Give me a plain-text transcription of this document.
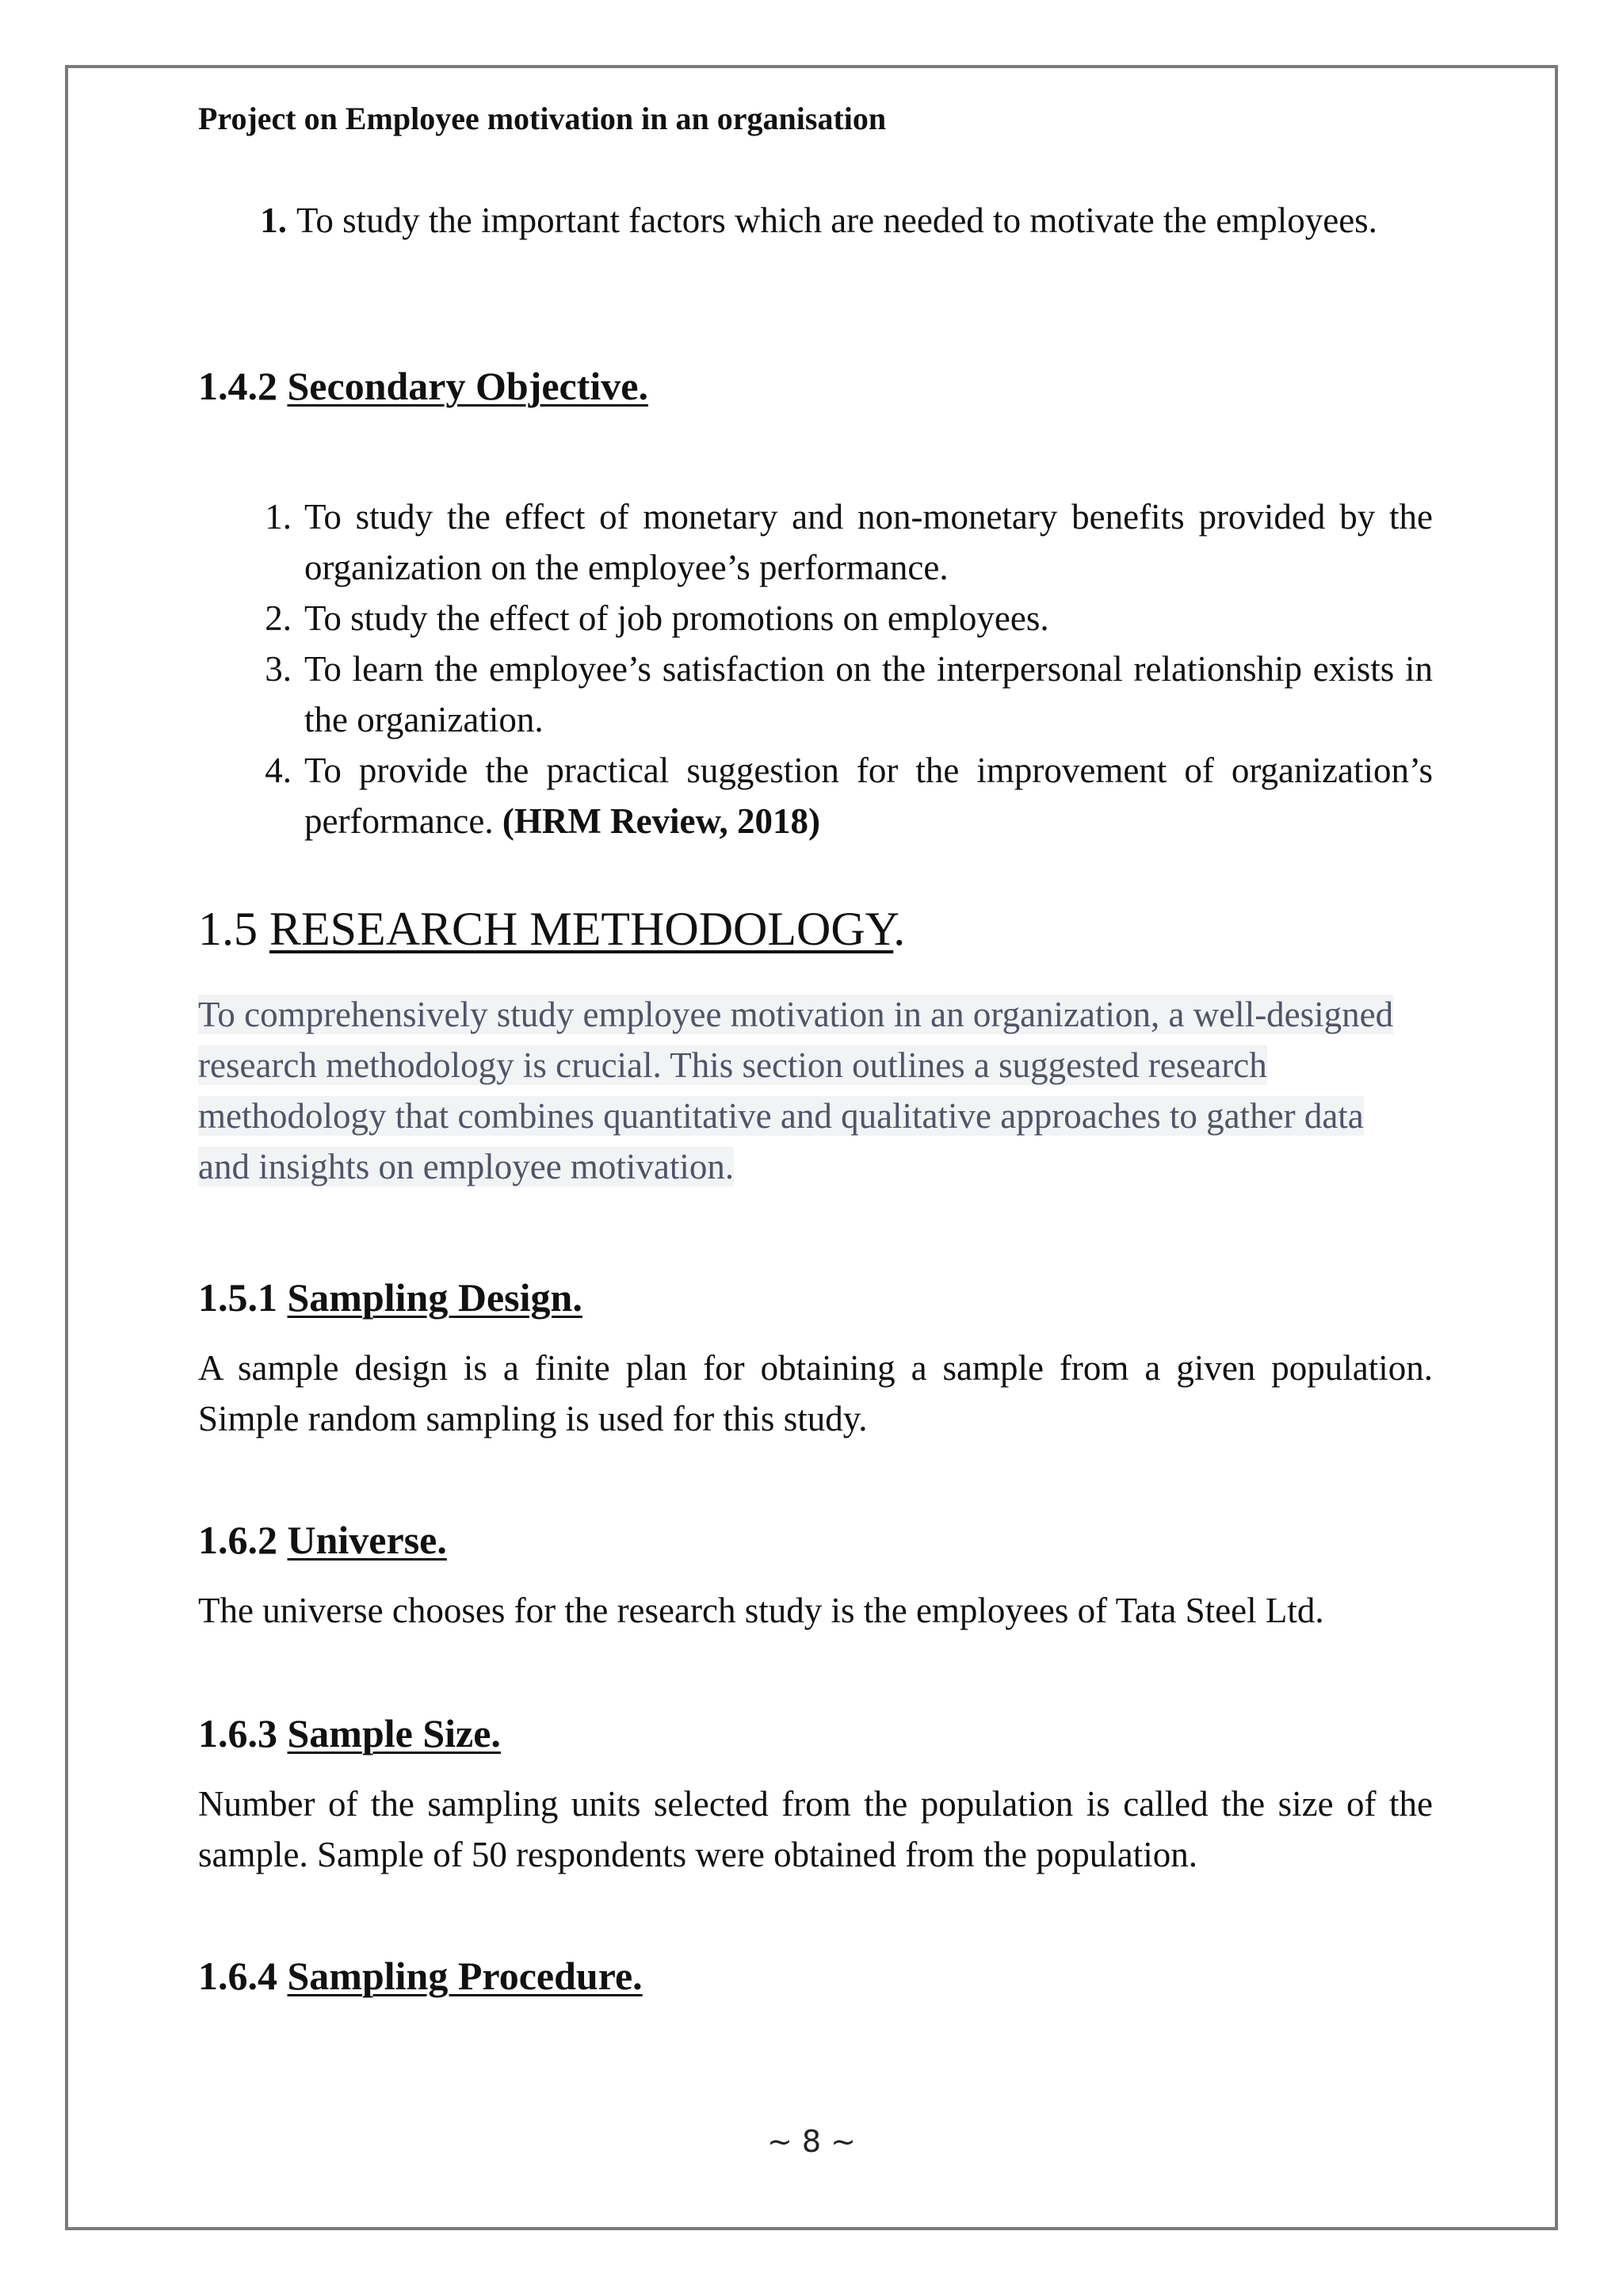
Project on Employee motivation in an organisation
1. To study the important factors which are needed to motivate the employees.
1.4.2 Secondary Objective.
1. To study the effect of monetary and non-monetary benefits provided by the organization on the employee’s performance.
2. To study the effect of job promotions on employees.
3. To learn the employee’s satisfaction on the interpersonal relationship exists in the organization.
4. To provide the practical suggestion for the improvement of organization’s performance. (HRM Review, 2018)
1.5 RESEARCH METHODOLOGY.
To comprehensively study employee motivation in an organization, a well-designed research methodology is crucial. This section outlines a suggested research methodology that combines quantitative and qualitative approaches to gather data and insights on employee motivation.
1.5.1 Sampling Design.
A sample design is a finite plan for obtaining a sample from a given population. Simple random sampling is used for this study.
1.6.2 Universe.
The universe chooses for the research study is the employees of Tata Steel Ltd.
1.6.3 Sample Size.
Number of the sampling units selected from the population is called the size of the sample. Sample of 50 respondents were obtained from the population.
1.6.4 Sampling Procedure.
~ 8 ~
